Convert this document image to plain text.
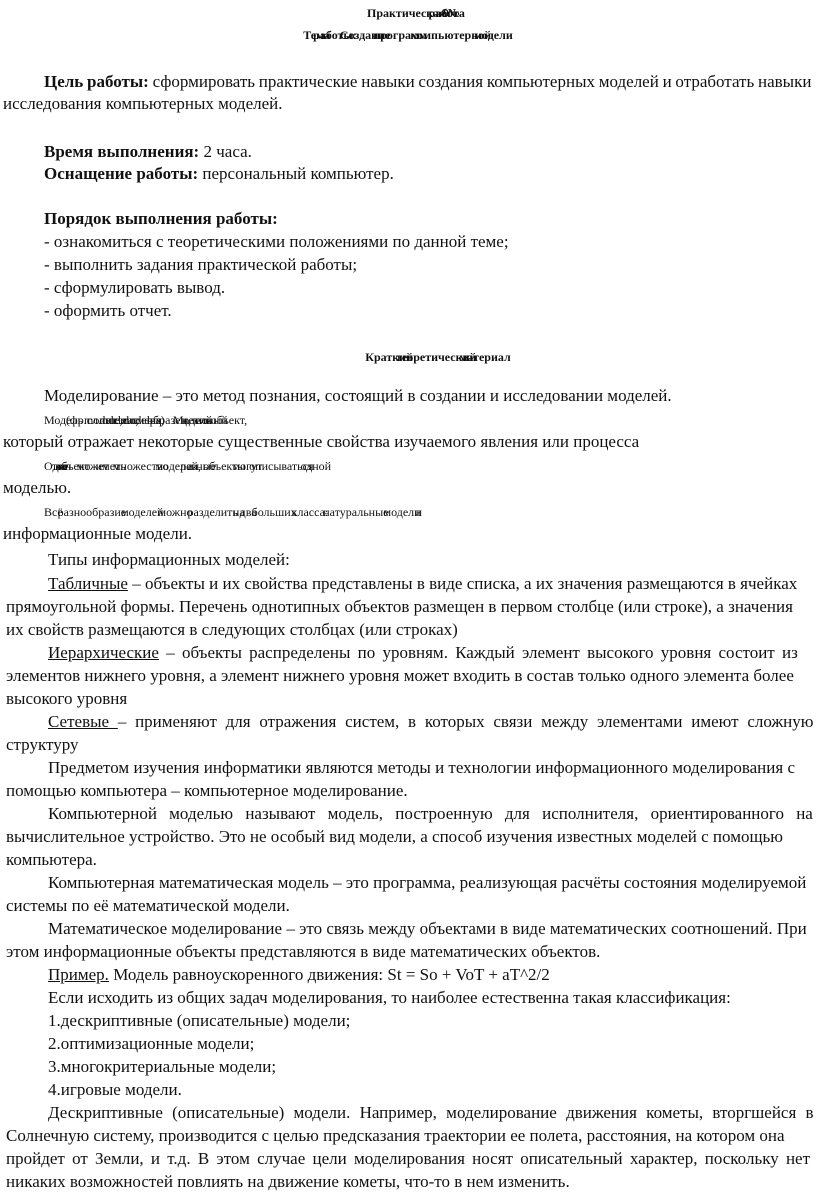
Практическая работа № 9
Тема работы: Создание программ компьютерной модели
Цель работы: сформировать практические навыки создания компьютерных моделей и отработать навыки
исследования компьютерных моделей.
Время выполнения: 2 часа.
Оснащение работы: персональный компьютер.
Порядок выполнения работы:
- ознакомиться с теоретическими положениями по данной теме;
- выполнить задания практической работы;
- сформулировать вывод.
- оформить отчет.
Краткий теоретический материал
Моделирование – это метод познания, состоящий в создании и исследовании моделей.
Модель (фр.сл. modele, ит. сл. modelo, лат. сл. modelus) – мера, образец. Модель - некий новый объект,
который отражает некоторые существенные свойства изучаемого явления или процесса
Один и тот же объект может иметь множество моделей, а разные объекты могут описываться одной
моделью.
Всё разнообразие моделей можно разделить на два больших класса: натуральные модели и
информационные модели.
Типы информационных моделей:
Табличные – объекты и их свойства представлены в виде списка, а их значения размещаются в ячейках
прямоугольной формы. Перечень однотипных объектов размещен в первом столбце (или строке), а значения
их свойств размещаются в следующих столбцах (или строках)
Иерархические – объекты распределены по уровням. Каждый элемент высокого уровня состоит из
элементов нижнего уровня, а элемент нижнего уровня может входить в состав только одного элемента более
высокого уровня
Сетевые – применяют для отражения систем, в которых связи между элементами имеют сложную
структуру
Предметом изучения информатики являются методы и технологии информационного моделирования с
помощью компьютера – компьютерное моделирование.
Компьютерной моделью называют модель, построенную для исполнителя, ориентированного на
вычислительное устройство. Это не особый вид модели, а способ изучения известных моделей с помощью
компьютера.
Компьютерная математическая модель – это программа, реализующая расчёты состояния моделируемой
системы по её математической модели.
Математическое моделирование – это связь между объектами в виде математических соотношений. При
этом информационные объекты представляются в виде математических объектов.
Пример. Модель равноускоренного движения: St = So + VoT + aT^2/2
Если исходить из общих задач моделирования, то наиболее естественна такая классификация:
1.дескриптивные (описательные) модели;
2.оптимизационные модели;
3.многокритериальные модели;
4.игровые модели.
Дескриптивные (описательные) модели. Например, моделирование движения кометы, вторгшейся в
Солнечную систему, производится с целью предсказания траектории ее полета, расстояния, на котором она
пройдет от Земли, и т.д. В этом случае цели моделирования носят описательный характер, поскольку нет
никаких возможностей повлиять на движение кометы, что-то в нем изменить.
